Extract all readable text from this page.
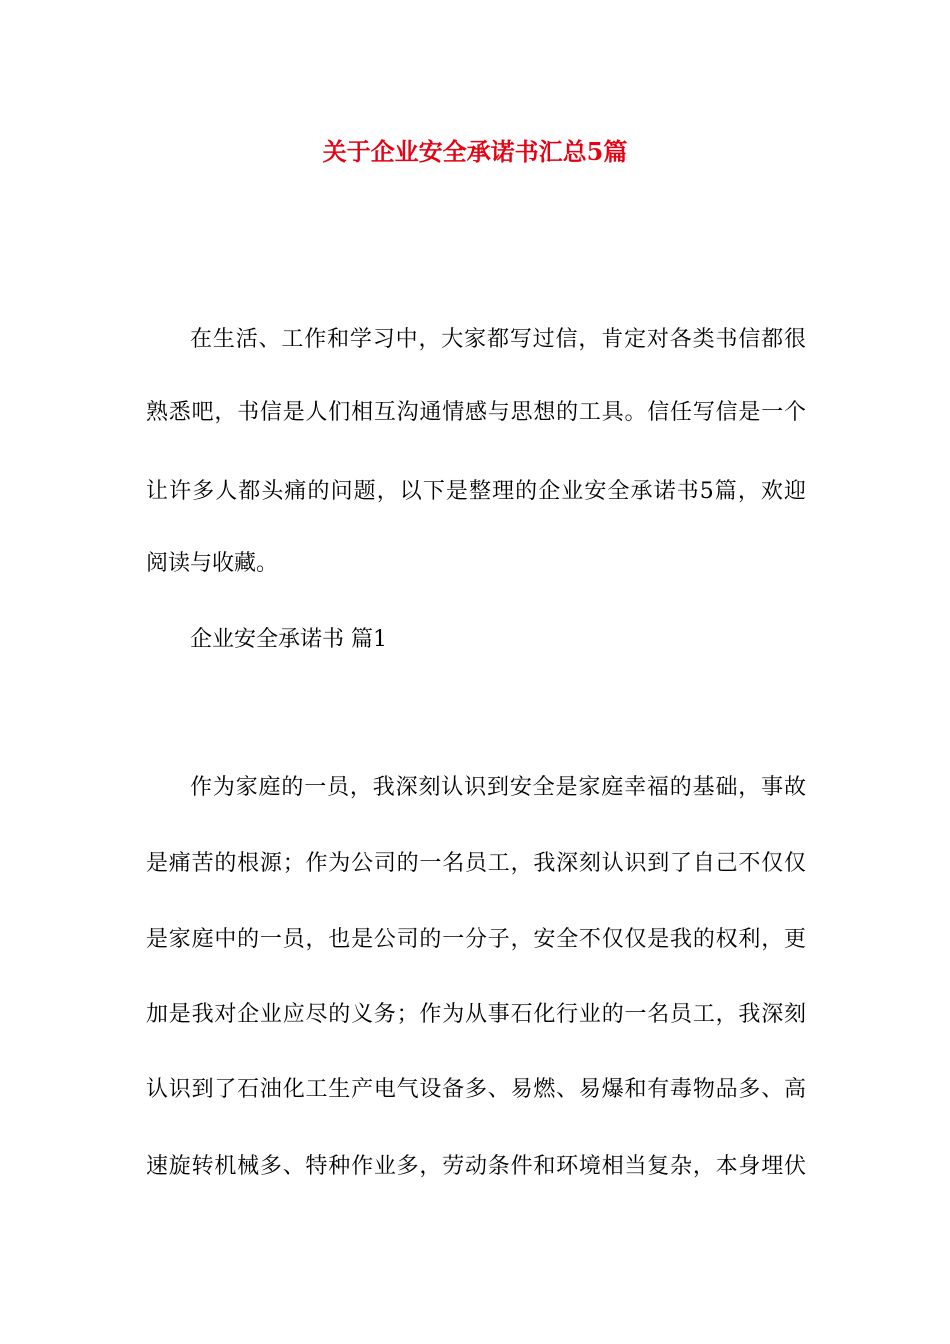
关于企业安全承诺书汇总5篇

在生活、工作和学习中，大家都写过信，肯定对各类书信都很

熟悉吧，书信是人们相互沟通情感与思想的工具。信任写信是一个

让许多人都头痛的问题，以下是整理的企业安全承诺书5篇，欢迎

阅读与收藏。

企业安全承诺书 篇1

作为家庭的一员，我深刻认识到安全是家庭幸福的基础，事故

是痛苦的根源；作为公司的一名员工，我深刻认识到了自己不仅仅

是家庭中的一员，也是公司的一分子，安全不仅仅是我的权利，更

加是我对企业应尽的义务；作为从事石化行业的一名员工，我深刻

认识到了石油化工生产电气设备多、易燃、易爆和有毒物品多、高

速旋转机械多、特种作业多，劳动条件和环境相当复杂，本身埋伏
